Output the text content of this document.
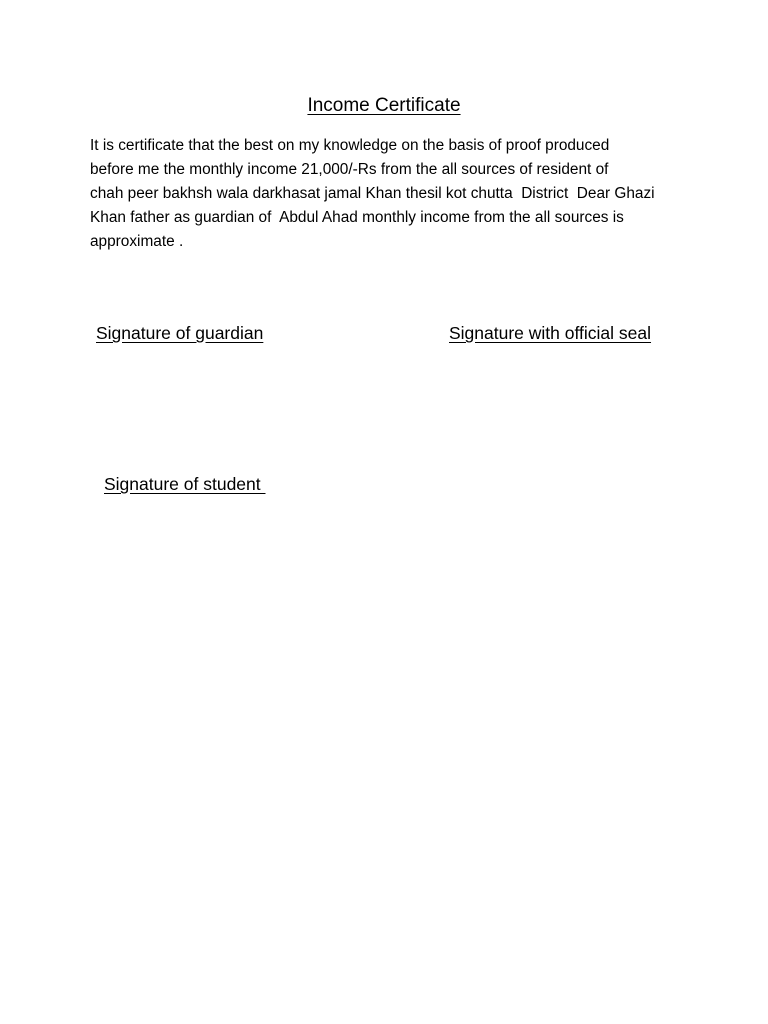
Income Certificate
It is certificate that the best on my knowledge on the basis of proof produced
before me the monthly income 21,000/-Rs from the all sources of resident of
chah peer bakhsh wala darkhasat jamal Khan thesil kot chutta  District  Dear Ghazi
Khan father as guardian of  Abdul Ahad monthly income from the all sources is
approximate .
Signature of guardian	Signature with official seal
Signature of student
